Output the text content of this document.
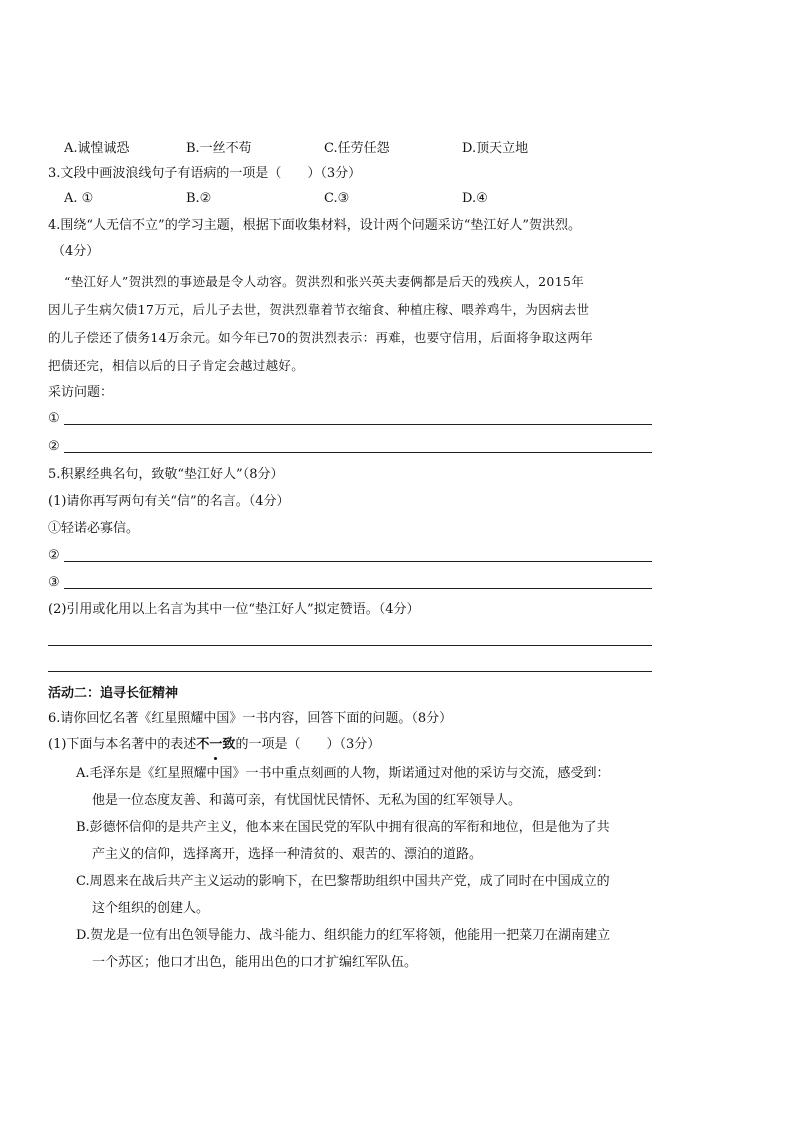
A.诚惶诚恐	B.一丝不苟	C.任劳任怨	D.顶天立地
3.文段中画波浪线句子有语病的一项是（　　）（3分）
A. ①	B.②	C.③	D.④
4.围绕“人无信不立”的学习主题，根据下面收集材料，设计两个问题采访“垫江好人”贺洪烈。
（4分）
“垫江好人”贺洪烈的事迹最是令人动容。贺洪烈和张兴英夫妻俩都是后天的残疾人，2015年
因儿子生病欠债17万元，后儿子去世，贺洪烈靠着节衣缩食、种植庄稼、喂养鸡牛，为因病去世
的儿子偿还了债务14万余元。如今年已70的贺洪烈表示：再难，也要守信用，后面将争取这两年
把债还完，相信以后的日子肯定会越过越好。
采访问题：
①
②
5.积累经典名句，致敬“垫江好人”（8分）
(1)请你再写两句有关“信”的名言。（4分）
①轻诺必寡信。
②
③
(2)引用或化用以上名言为其中一位“垫江好人”拟定赞语。（4分）
活动二：追寻长征精神
6.请你回忆名著《红星照耀中国》一书内容，回答下面的问题。（8分）
(1)下面与本名著中的表述不一致
的一项是（　　）（3分）
A.毛泽东是《红星照耀中国》一书中重点刻画的人物，斯诺通过对他的采访与交流，感受到：
他是一位态度友善、和蔼可亲，有忧国忧民情怀、无私为国的红军领导人。
B.彭德怀信仰的是共产主义，他本来在国民党的军队中拥有很高的军衔和地位，但是他为了共
产主义的信仰，选择离开，选择一种清贫的、艰苦的、漂泊的道路。
C.周恩来在战后共产主义运动的影响下，在巴黎帮助组织中国共产党，成了同时在中国成立的
这个组织的创建人。
D.贺龙是一位有出色领导能力、战斗能力、组织能力的红军将领，他能用一把菜刀在湖南建立
一个苏区；他口才出色，能用出色的口才扩编红军队伍。
